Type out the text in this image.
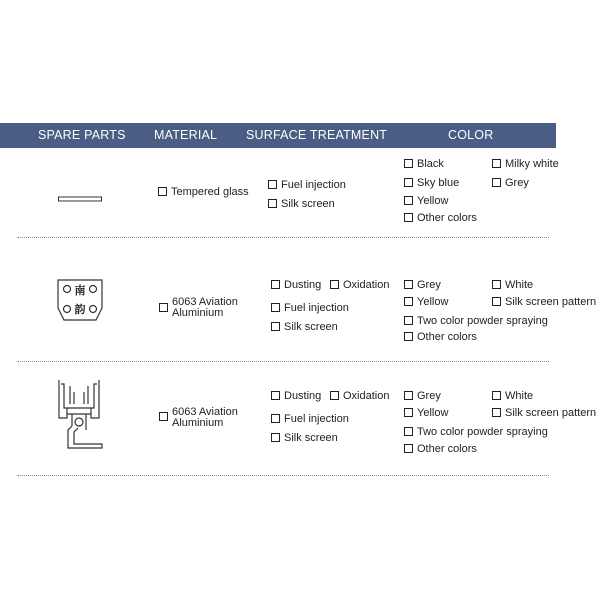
SPARE PARTS MATERIAL SURFACE TREATMENT	COLOR
Tempered glass
Fuel injection
Silk screen
Black
Sky blue
Yellow
Other colors
Milky white
Grey
南
韵
6063 Aviation
Aluminium
Dusting Oxidation
Fuel injection
Silk screen
Grey
Yellow
Two color powder spraying
Other colors
White
Silk screen pattern
6063 Aviation
Aluminium
Dusting Oxidation
Fuel injection
Silk screen
Grey
Yellow
Two color powder spraying
Other colors
White
Silk screen pattern
